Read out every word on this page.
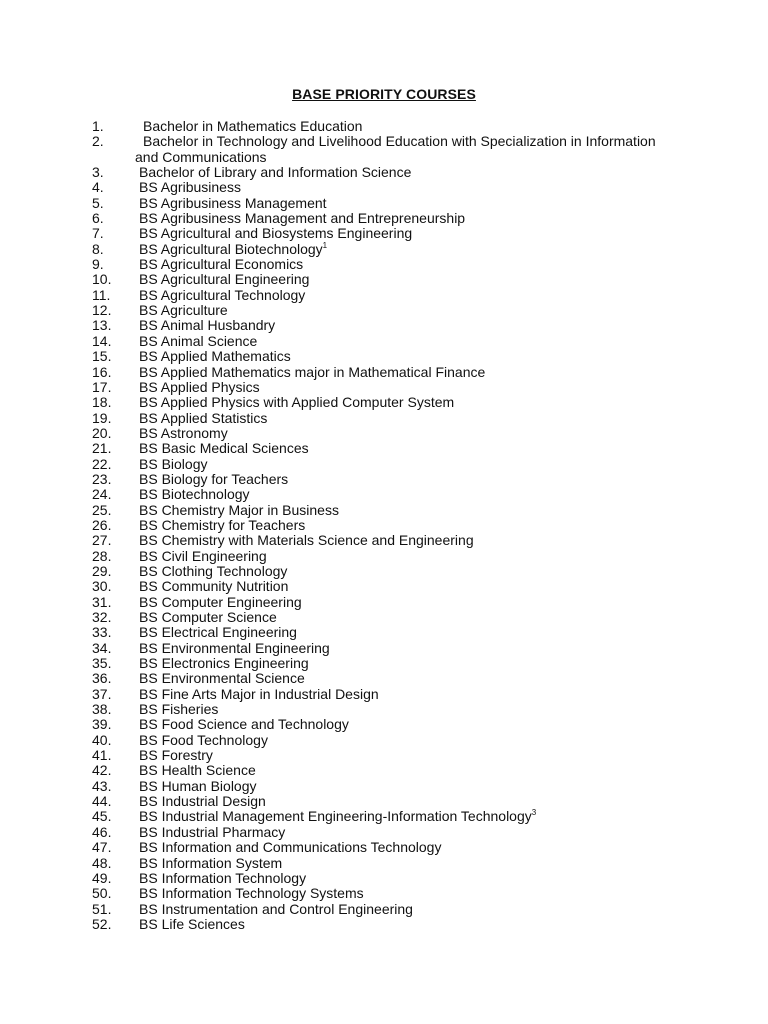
BASE PRIORITY COURSES
1.	Bachelor in Mathematics Education
2.	Bachelor in Technology and Livelihood Education with Specialization in Information
and Communications
3.	Bachelor of Library and Information Science
4.	BS Agribusiness
5.	BS Agribusiness Management
6.	BS Agribusiness Management and Entrepreneurship
7.	BS Agricultural and Biosystems Engineering
8.	BS Agricultural Biotechnology$^1$
9.	BS Agricultural Economics
10.	BS Agricultural Engineering
11.	BS Agricultural Technology
12.	BS Agriculture
13.	BS Animal Husbandry
14.	BS Animal Science
15.	BS Applied Mathematics
16.	BS Applied Mathematics major in Mathematical Finance
17.	BS Applied Physics
18.	BS Applied Physics with Applied Computer System
19.	BS Applied Statistics
20.	BS Astronomy
21.	BS Basic Medical Sciences
22.	BS Biology
23.	BS Biology for Teachers
24.	BS Biotechnology
25.	BS Chemistry Major in Business
26.	BS Chemistry for Teachers
27.	BS Chemistry with Materials Science and Engineering
28.	BS Civil Engineering
29.	BS Clothing Technology
30.	BS Community Nutrition
31.	BS Computer Engineering
32.	BS Computer Science
33.	BS Electrical Engineering
34.	BS Environmental Engineering
35.	BS Electronics Engineering
36.	BS Environmental Science
37.	BS Fine Arts Major in Industrial Design
38.	BS Fisheries
39.	BS Food Science and Technology
40.	BS Food Technology
41.	BS Forestry
42.	BS Health Science
43.	BS Human Biology
44.	BS Industrial Design
45.	BS Industrial Management Engineering-Information Technology$^3$
46.	BS Industrial Pharmacy
47.	BS Information and Communications Technology
48.	BS Information System
49.	BS Information Technology
50.	BS Information Technology Systems
51.	BS Instrumentation and Control Engineering
52.	BS Life Sciences
